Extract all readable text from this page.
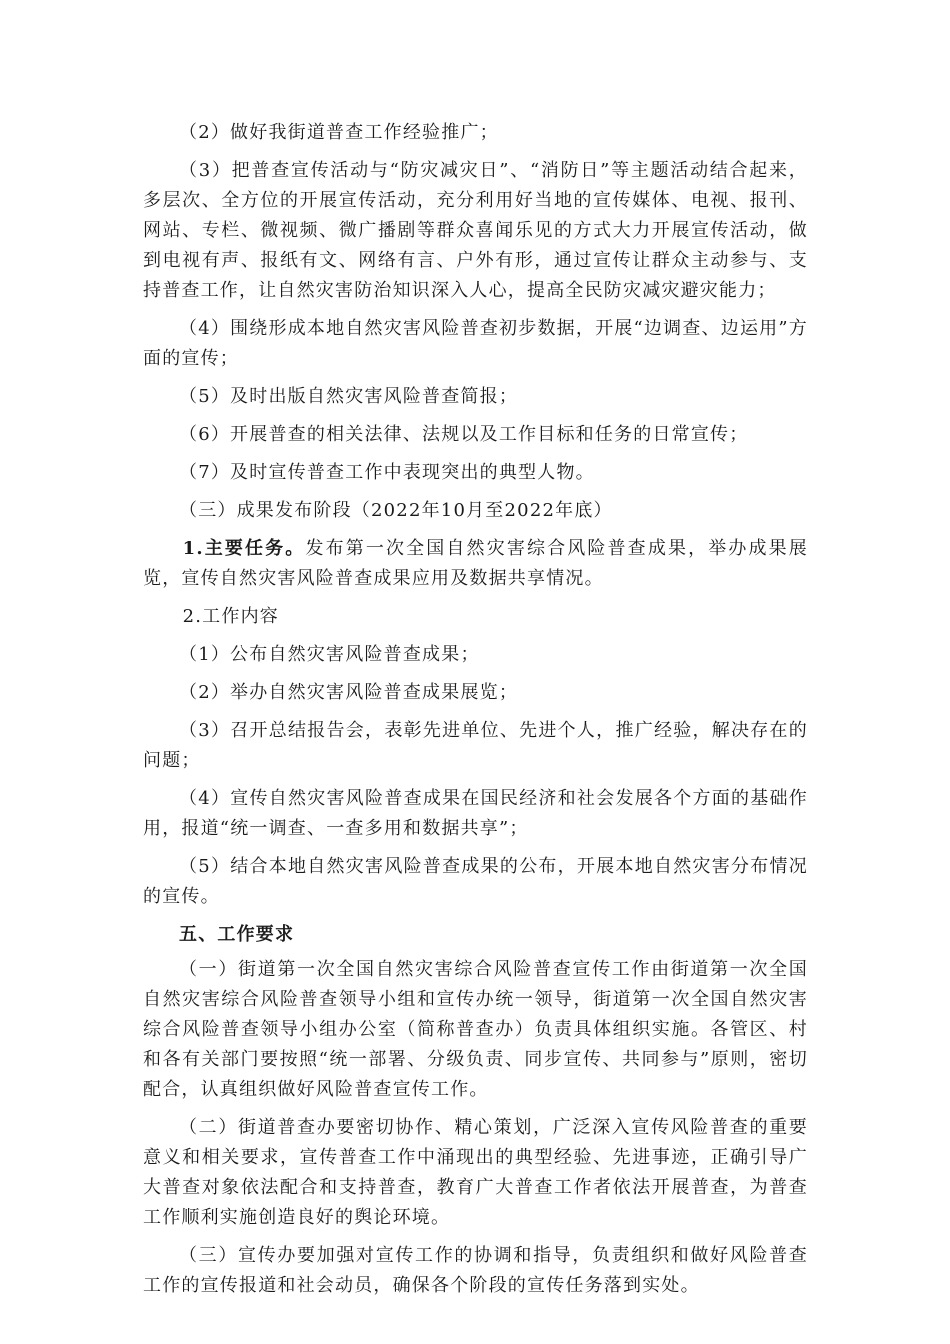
（2）做好我街道普查工作经验推广；

（3）把普查宣传活动与“防灾减灾日”、“消防日”等主题活动结合起来，多层次、全方位的开展宣传活动，充分利用好当地的宣传媒体、电视、报刊、网站、专栏、微视频、微广播剧等群众喜闻乐见的方式大力开展宣传活动，做到电视有声、报纸有文、网络有言、户外有形，通过宣传让群众主动参与、支持普查工作，让自然灾害防治知识深入人心，提高全民防灾减灾避灾能力；

（4）围绕形成本地自然灾害风险普查初步数据，开展“边调查、边运用”方面的宣传；

（5）及时出版自然灾害风险普查简报；

（6）开展普查的相关法律、法规以及工作目标和任务的日常宣传；

（7）及时宣传普查工作中表现突出的典型人物。

（三）成果发布阶段（2022年10月至2022年底）

1.主要任务。发布第一次全国自然灾害综合风险普查成果，举办成果展览，宣传自然灾害风险普查成果应用及数据共享情况。

2.工作内容

（1）公布自然灾害风险普查成果；

（2）举办自然灾害风险普查成果展览；

（3）召开总结报告会，表彰先进单位、先进个人，推广经验，解决存在的问题；

（4）宣传自然灾害风险普查成果在国民经济和社会发展各个方面的基础作用，报道“统一调查、一查多用和数据共享”；

（5）结合本地自然灾害风险普查成果的公布，开展本地自然灾害分布情况的宣传。

五、工作要求

（一）街道第一次全国自然灾害综合风险普查宣传工作由街道第一次全国自然灾害综合风险普查领导小组和宣传办统一领导，街道第一次全国自然灾害综合风险普查领导小组办公室（简称普查办）负责具体组织实施。各管区、村和各有关部门要按照“统一部署、分级负责、同步宣传、共同参与”原则，密切配合，认真组织做好风险普查宣传工作。

（二）街道普查办要密切协作、精心策划，广泛深入宣传风险普查的重要意义和相关要求，宣传普查工作中涌现出的典型经验、先进事迹，正确引导广大普查对象依法配合和支持普查，教育广大普查工作者依法开展普查，为普查工作顺利实施创造良好的舆论环境。

（三）宣传办要加强对宣传工作的协调和指导，负责组织和做好风险普查工作的宣传报道和社会动员，确保各个阶段的宣传任务落到实处。
